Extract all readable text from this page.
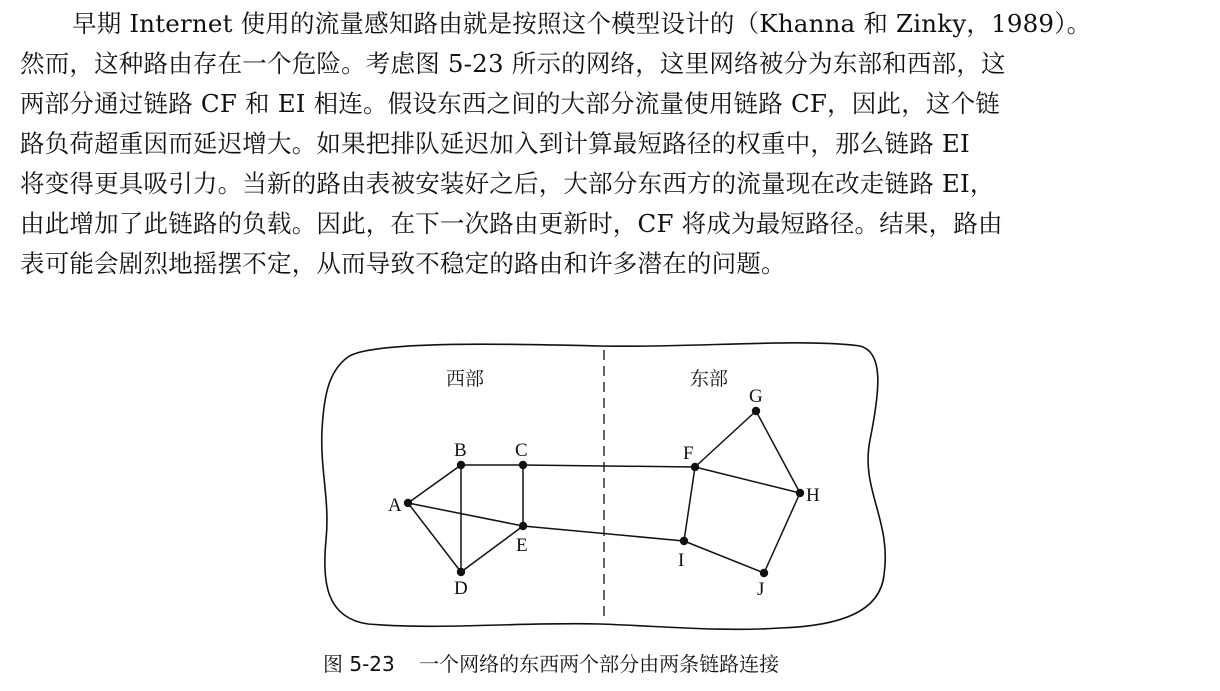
早期 Internet 使用的流量感知路由就是按照这个模型设计的（Khanna 和 Zinky，1989）。
然而，这种路由存在一个危险。考虑图 5-23 所示的网络，这里网络被分为东部和西部，这
两部分通过链路 CF 和 EI 相连。假设东西之间的大部分流量使用链路 CF，因此，这个链
路负荷超重因而延迟增大。如果把排队延迟加入到计算最短路径的权重中，那么链路 EI
将变得更具吸引力。当新的路由表被安装好之后，大部分东西方的流量现在改走链路 EI，
由此增加了此链路的负载。因此，在下一次路由更新时，CF 将成为最短路径。结果，路由
表可能会剧烈地摇摆不定，从而导致不稳定的路由和许多潜在的问题。
西部	东部
A
B	C
D
E
F
G
H
I
J
图 5-23 一个网络的东西两个部分由两条链路连接
